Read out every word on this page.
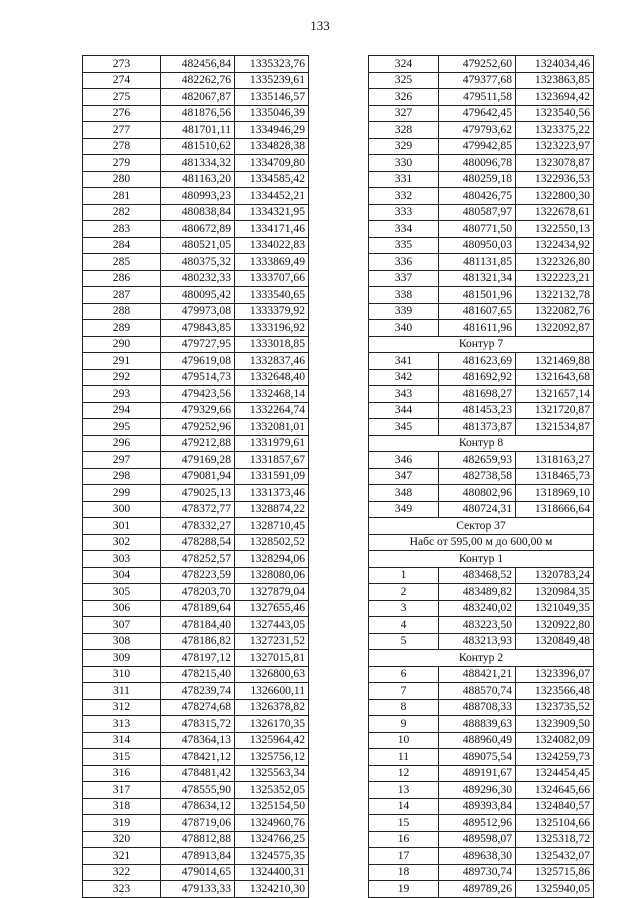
133
273	482456,84	1335323,76
274	482262,76	1335239,61
275	482067,87	1335146,57
276	481876,56	1335046,39
277	481701,11	1334946,29
278	481510,62	1334828,38
279	481334,32	1334709,80
280	481163,20	1334585,42
281	480993,23	1334452,21
282	480838,84	1334321,95
283	480672,89	1334171,46
284	480521,05	1334022,83
285	480375,32	1333869,49
286	480232,33	1333707,66
287	480095,42	1333540,65
288	479973,08	1333379,92
289	479843,85	1333196,92
290	479727,95	1333018,85
291	479619,08	1332837,46
292	479514,73	1332648,40
293	479423,56	1332468,14
294	479329,66	1332264,74
295	479252,96	1332081,01
296	479212,88	1331979,61
297	479169,28	1331857,67
298	479081,94	1331591,09
299	479025,13	1331373,46
300	478372,77	1328874,22
301	478332,27	1328710,45
302	478288,54	1328502,52
303	478252,57	1328294,06
304	478223,59	1328080,06
305	478203,70	1327879,04
306	478189,64	1327655,46
307	478184,40	1327443,05
308	478186,82	1327231,52
309	478197,12	1327015,81
310	478215,40	1326800,63
311	478239,74	1326600,11
312	478274,68	1326378,82
313	478315,72	1326170,35
314	478364,13	1325964,42
315	478421,12	1325756,12
316	478481,42	1325563,34
317	478555,90	1325352,05
318	478634,12	1325154,50
319	478719,06	1324960,76
320	478812,88	1324766,25
321	478913,84	1324575,35
322	479014,65	1324400,31
323	479133,33	1324210,30
324	479252,60	1324034,46
325	479377,68	1323863,85
326	479511,58	1323694,42
327	479642,45	1323540,56
328	479793,62	1323375,22
329	479942,85	1323223,97
330	480096,78	1323078,87
331	480259,18	1322936,53
332	480426,75	1322800,30
333	480587,97	1322678,61
334	480771,50	1322550,13
335	480950,03	1322434,92
336	481131,85	1322326,80
337	481321,34	1322223,21
338	481501,96	1322132,78
339	481607,65	1322082,76
340	481611,96	1322092,87
Контур 7		
341	481623,69	1321469,88
342	481692,92	1321643,68
343	481698,27	1321657,14
344	481453,23	1321720,87
345	481373,87	1321534,87
Контур 8		
346	482659,93	1318163,27
347	482738,58	1318465,73
348	480802,96	1318969,10
349	480724,31	1318666,64
Сектор 37		
Набс от 595,00 м до 600,00 м		
Контур 1		
1	483468,52	1320783,24
2	483489,82	1320984,35
3	483240,02	1321049,35
4	483223,50	1320922,80
5	483213,93	1320849,48
Контур 2		
6	488421,21	1323396,07
7	488570,74	1323566,48
8	488708,33	1323735,52
9	488839,63	1323909,50
10	488960,49	1324082,09
11	489075,54	1324259,73
12	489191,67	1324454,45
13	489296,30	1324645,66
14	489393,84	1324840,57
15	489512,96	1325104,66
16	489598,07	1325318,72
17	489638,30	1325432,07
18	489730,74	1325715,86
19	489789,26	1325940,05
